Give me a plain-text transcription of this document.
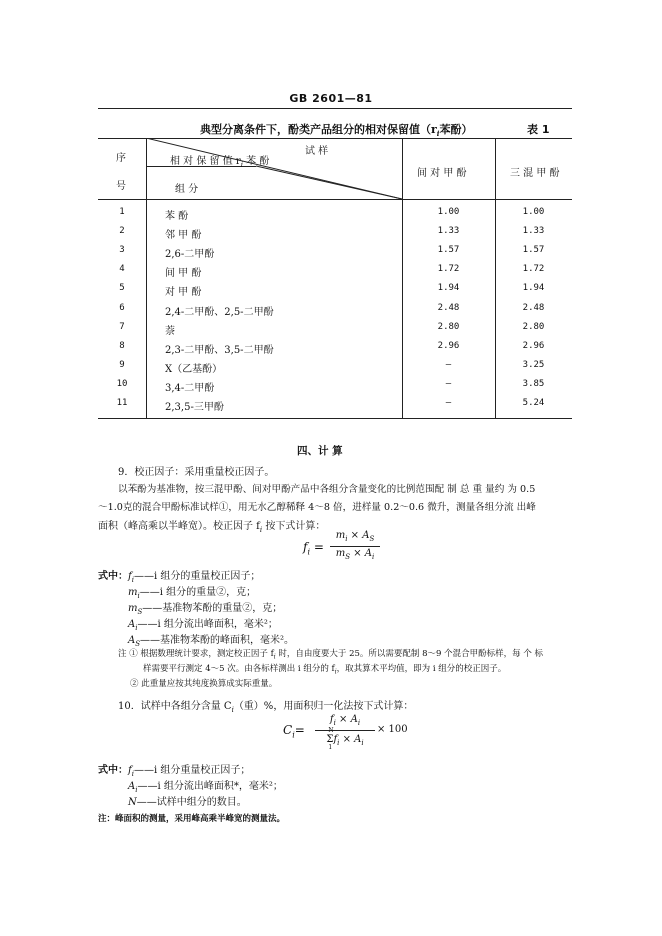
GB 2601—81
典型分离条件下，酚类产品组分的相对保留值（$r_i$苯酚）	表 1
序
号
试 样
相 对 保 留 值 $r_i$ 苯 酚
组 分
间 对 甲 酚	三 混 甲 酚
1	苯 酚	1.00	1.00
2	邻 甲 酚	1.33	1.33
3	2,6-二甲酚	1.57	1.57
4	间 甲 酚	1.72	1.72
5	对 甲 酚	1.94	1.94
6	2,4-二甲酚、2,5-二甲酚	2.48	2.48
7	萘	2.80	2.80
8	2,3-二甲酚、3,5-二甲酚	2.96	2.96
9	X（乙基酚）	—	3.25
10	3,4-二甲酚	—	3.85
11	2,3,5-三甲酚	—	5.24
四、计 算
9．校正因子：采用重量校正因子。
以苯酚为基准物，按三混甲酚、间对甲酚产品中各组分含量变化的比例范围配 制 总 重 量约 为 0.5
～1.0克的混合甲酚标准试样①，用无水乙醇稀释 4～8 倍，进样量 0.2～0.6 微升，测量各组分流 出峰
面积（峰高乘以半峰宽）。校正因子 $f_i$ 按下式计算：
$f_i$ =
$m_i \times A_S$
$m_S \times A_i$
式中： $f_i——i$ 组分的重量校正因子；
$m_i——i$ 组分的重量②，克；
$m_S——$基准物苯酚的重量②，克；
$A_i——i$ 组分流出峰面积，毫米²；
$A_S——$基准物苯酚的峰面积，毫米²。
注 ① 根据数理统计要求，测定校正因子 $f_i$ 时，自由度要大于 25。所以需要配制 8～9 个混合甲酚标样，每 个 标
样需要平行测定 4～5 次。由各标样测出 i 组分的 $f_i$，取其算术平均值，即为 i 组分的校正因子。
② 此重量应按其纯度换算成实际重量。
10．试样中各组分含量 $C_i$（重）%，用面积归一化法按下式计算：
$C_i=$
$f_i \times A_i$
N
Σ
1
$f_i \times A_i$
× 100
式中： $f_i——i$ 组分重量校正因子；
$A_i——i$ 组分流出峰面积*，毫米²；
N——试样中组分的数目。
注：峰面积的测量，采用峰高乘半峰宽的测量法。
